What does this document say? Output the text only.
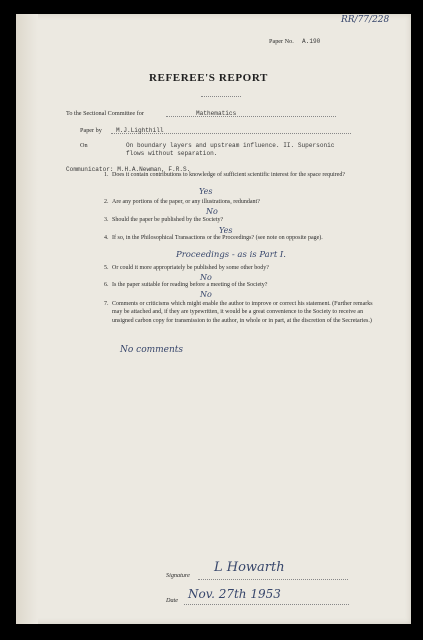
RR/77/228
Paper No. A.190
REFEREE'S REPORT
To the Sectional Committee for	Mathematics
Paper by M.J.Lighthill
On	On boundary layers and upstream influence. II. Supersonic
flows without separation.
Communicator: M.H.A.Newman, F.R.S.
1. Does it contain contributions to knowledge of sufficient scientific interest for the space required?
Yes
2. Are any portions of the paper, or any illustrations, redundant?
No
3. Should the paper be published by the Society?
Yes
4. If so, in the Philosophical Transactions or the Proceedings? (see note on opposite page).
Proceedings - as is Part I.
5. Or could it more appropriately be published by some other body?
No
6. Is the paper suitable for reading before a meeting of the Society?
No
7. Comments or criticisms which might enable the author to improve or correct his statement. (Further remarks may be attached and, if they are typewritten, it would be a great convenience to the Society to receive an unsigned carbon copy for transmission to the author, in whole or in part, at the discretion of the Secretaries.)
No comments
Signature
L Howarth
Date Nov. 27th 1953
